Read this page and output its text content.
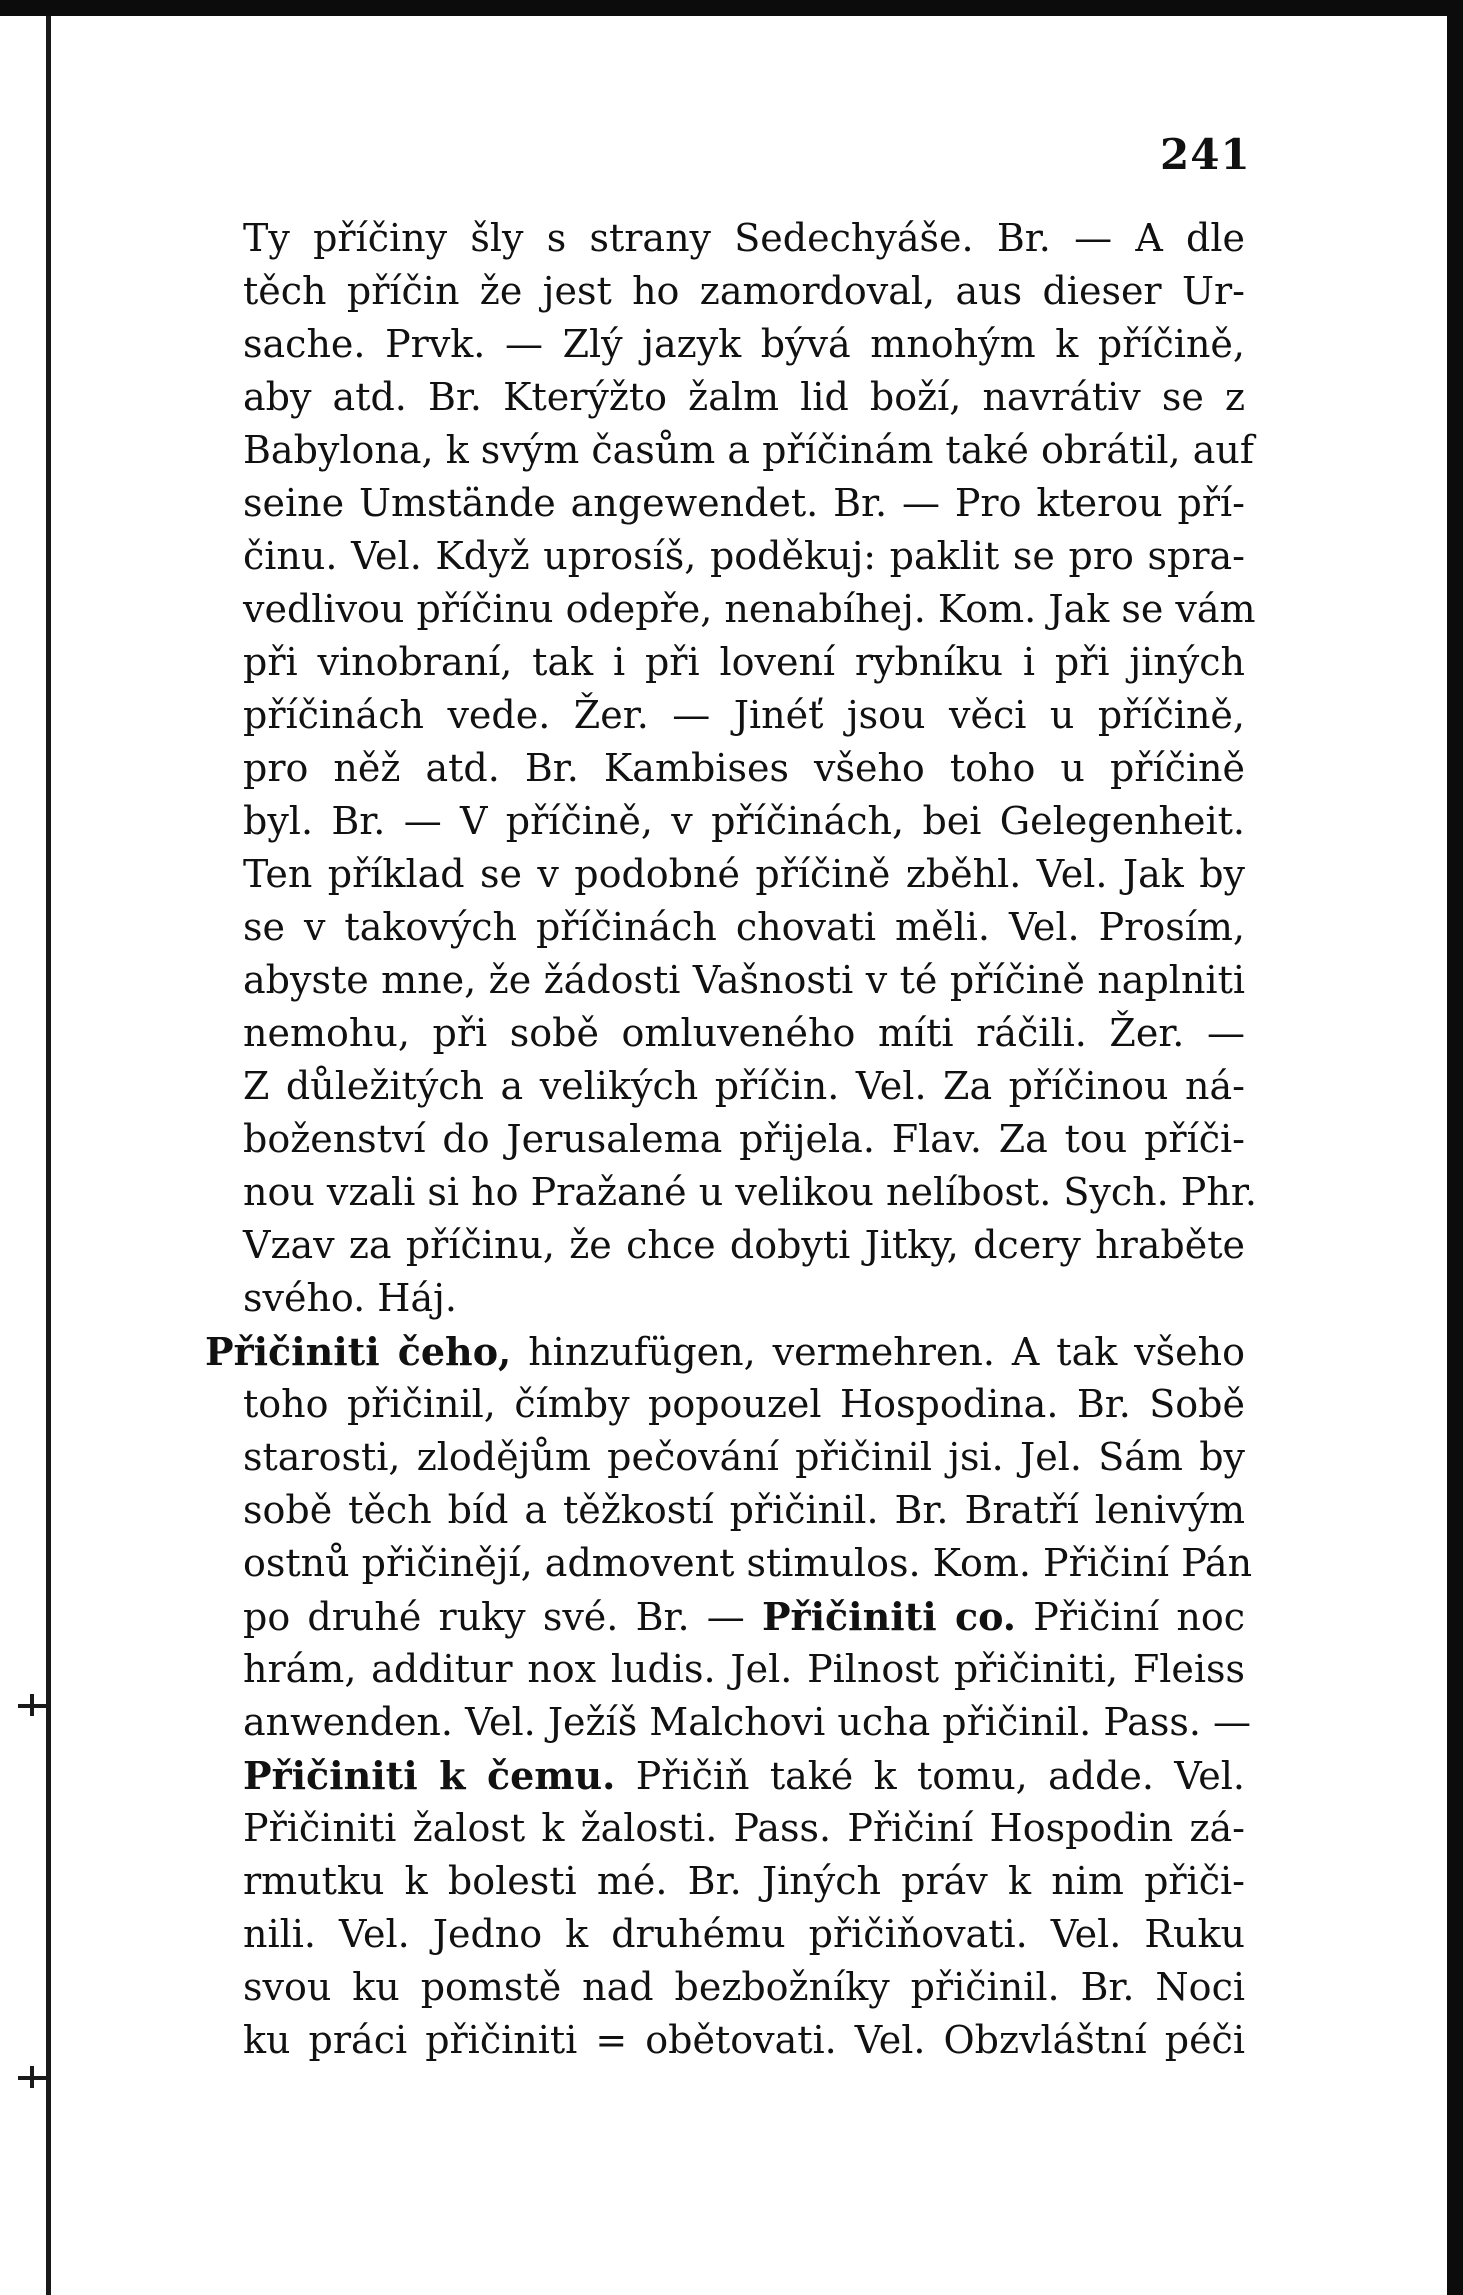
241
Ty příčiny šly s strany Sedechyáše. Br. — A dle
těch příčin že jest ho zamordoval, aus dieser Ur-
sache. Prvk. — Zlý jazyk bývá mnohým k příčině,
aby atd. Br. Kterýžto žalm lid boží, navrátiv se z
Babylona, k svým časům a příčinám také obrátil, auf
seine Umstände angewendet. Br. — Pro kterou pří-
činu. Vel. Když uprosíš, poděkuj: paklit se pro spra-
vedlivou příčinu odepře, nenabíhej. Kom. Jak se vám
při vinobraní, tak i při lovení rybníku i při jiných
příčinách vede. Žer. — Jinéť jsou věci u příčině,
pro něž atd. Br. Kambises všeho toho u příčině
byl. Br. — V příčině, v příčinách, bei Gelegenheit.
Ten příklad se v podobné příčině zběhl. Vel. Jak by
se v takových příčinách chovati měli. Vel. Prosím,
abyste mne, že žádosti Vašnosti v té příčině naplniti
nemohu, při sobě omluveného míti ráčili. Žer. —
Z důležitých a velikých příčin. Vel. Za příčinou ná-
boženství do Jerusalema přijela. Flav. Za tou příči-
nou vzali si ho Pražané u velikou nelíbost. Sych. Phr.
Vzav za příčinu, že chce dobyti Jitky, dcery hraběte
svého. Háj.
Přičiniti čeho, hinzufügen, vermehren. A tak všeho
toho přičinil, čímby popouzel Hospodina. Br. Sobě
starosti, zlodějům pečování přičinil jsi. Jel. Sám by
sobě těch bíd a těžkostí přičinil. Br. Bratří lenivým
ostnů přičinějí, admovent stimulos. Kom. Přičiní Pán
po druhé ruky své. Br. — Přičiniti co. Přičiní noc
hrám, additur nox ludis. Jel. Pilnost přičiniti, Fleiss
anwenden. Vel. Ježíš Malchovi ucha přičinil. Pass. —
Přičiniti k čemu. Přičiň také k tomu, adde. Vel.
Přičiniti žalost k žalosti. Pass. Přičiní Hospodin zá-
rmutku k bolesti mé. Br. Jiných práv k nim přiči-
nili. Vel. Jedno k druhému přičiňovati. Vel. Ruku
svou ku pomstě nad bezbožníky přičinil. Br. Noci
ku práci přičiniti = obětovati. Vel. Obzvláštní péči
